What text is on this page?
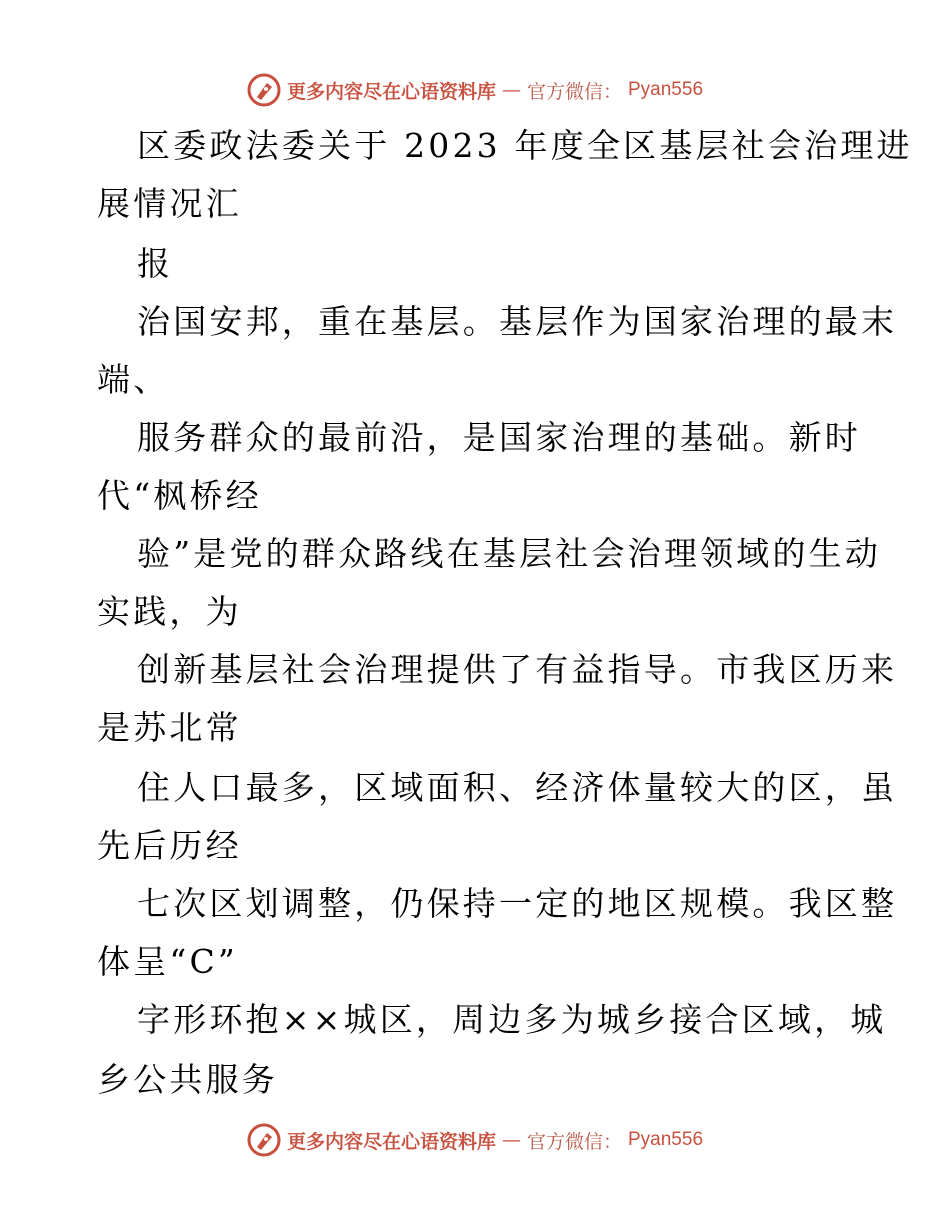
更多内容尽在心语资料库 — 官方微信： Pyan556
区委政法委关于 2023 年度全区基层社会治理进
展情况汇
报
治国安邦，重在基层。基层作为国家治理的最末
端、
服务群众的最前沿，是国家治理的基础。新时
代“枫桥经
验”是党的群众路线在基层社会治理领域的生动
实践，为
创新基层社会治理提供了有益指导。市我区历来
是苏北常
住人口最多，区域面积、经济体量较大的区，虽
先后历经
七次区划调整，仍保持一定的地区规模。我区整
体呈“C”
字形环抱××城区，周边多为城乡接合区域，城
乡公共服务
更多内容尽在心语资料库 — 官方微信： Pyan556
